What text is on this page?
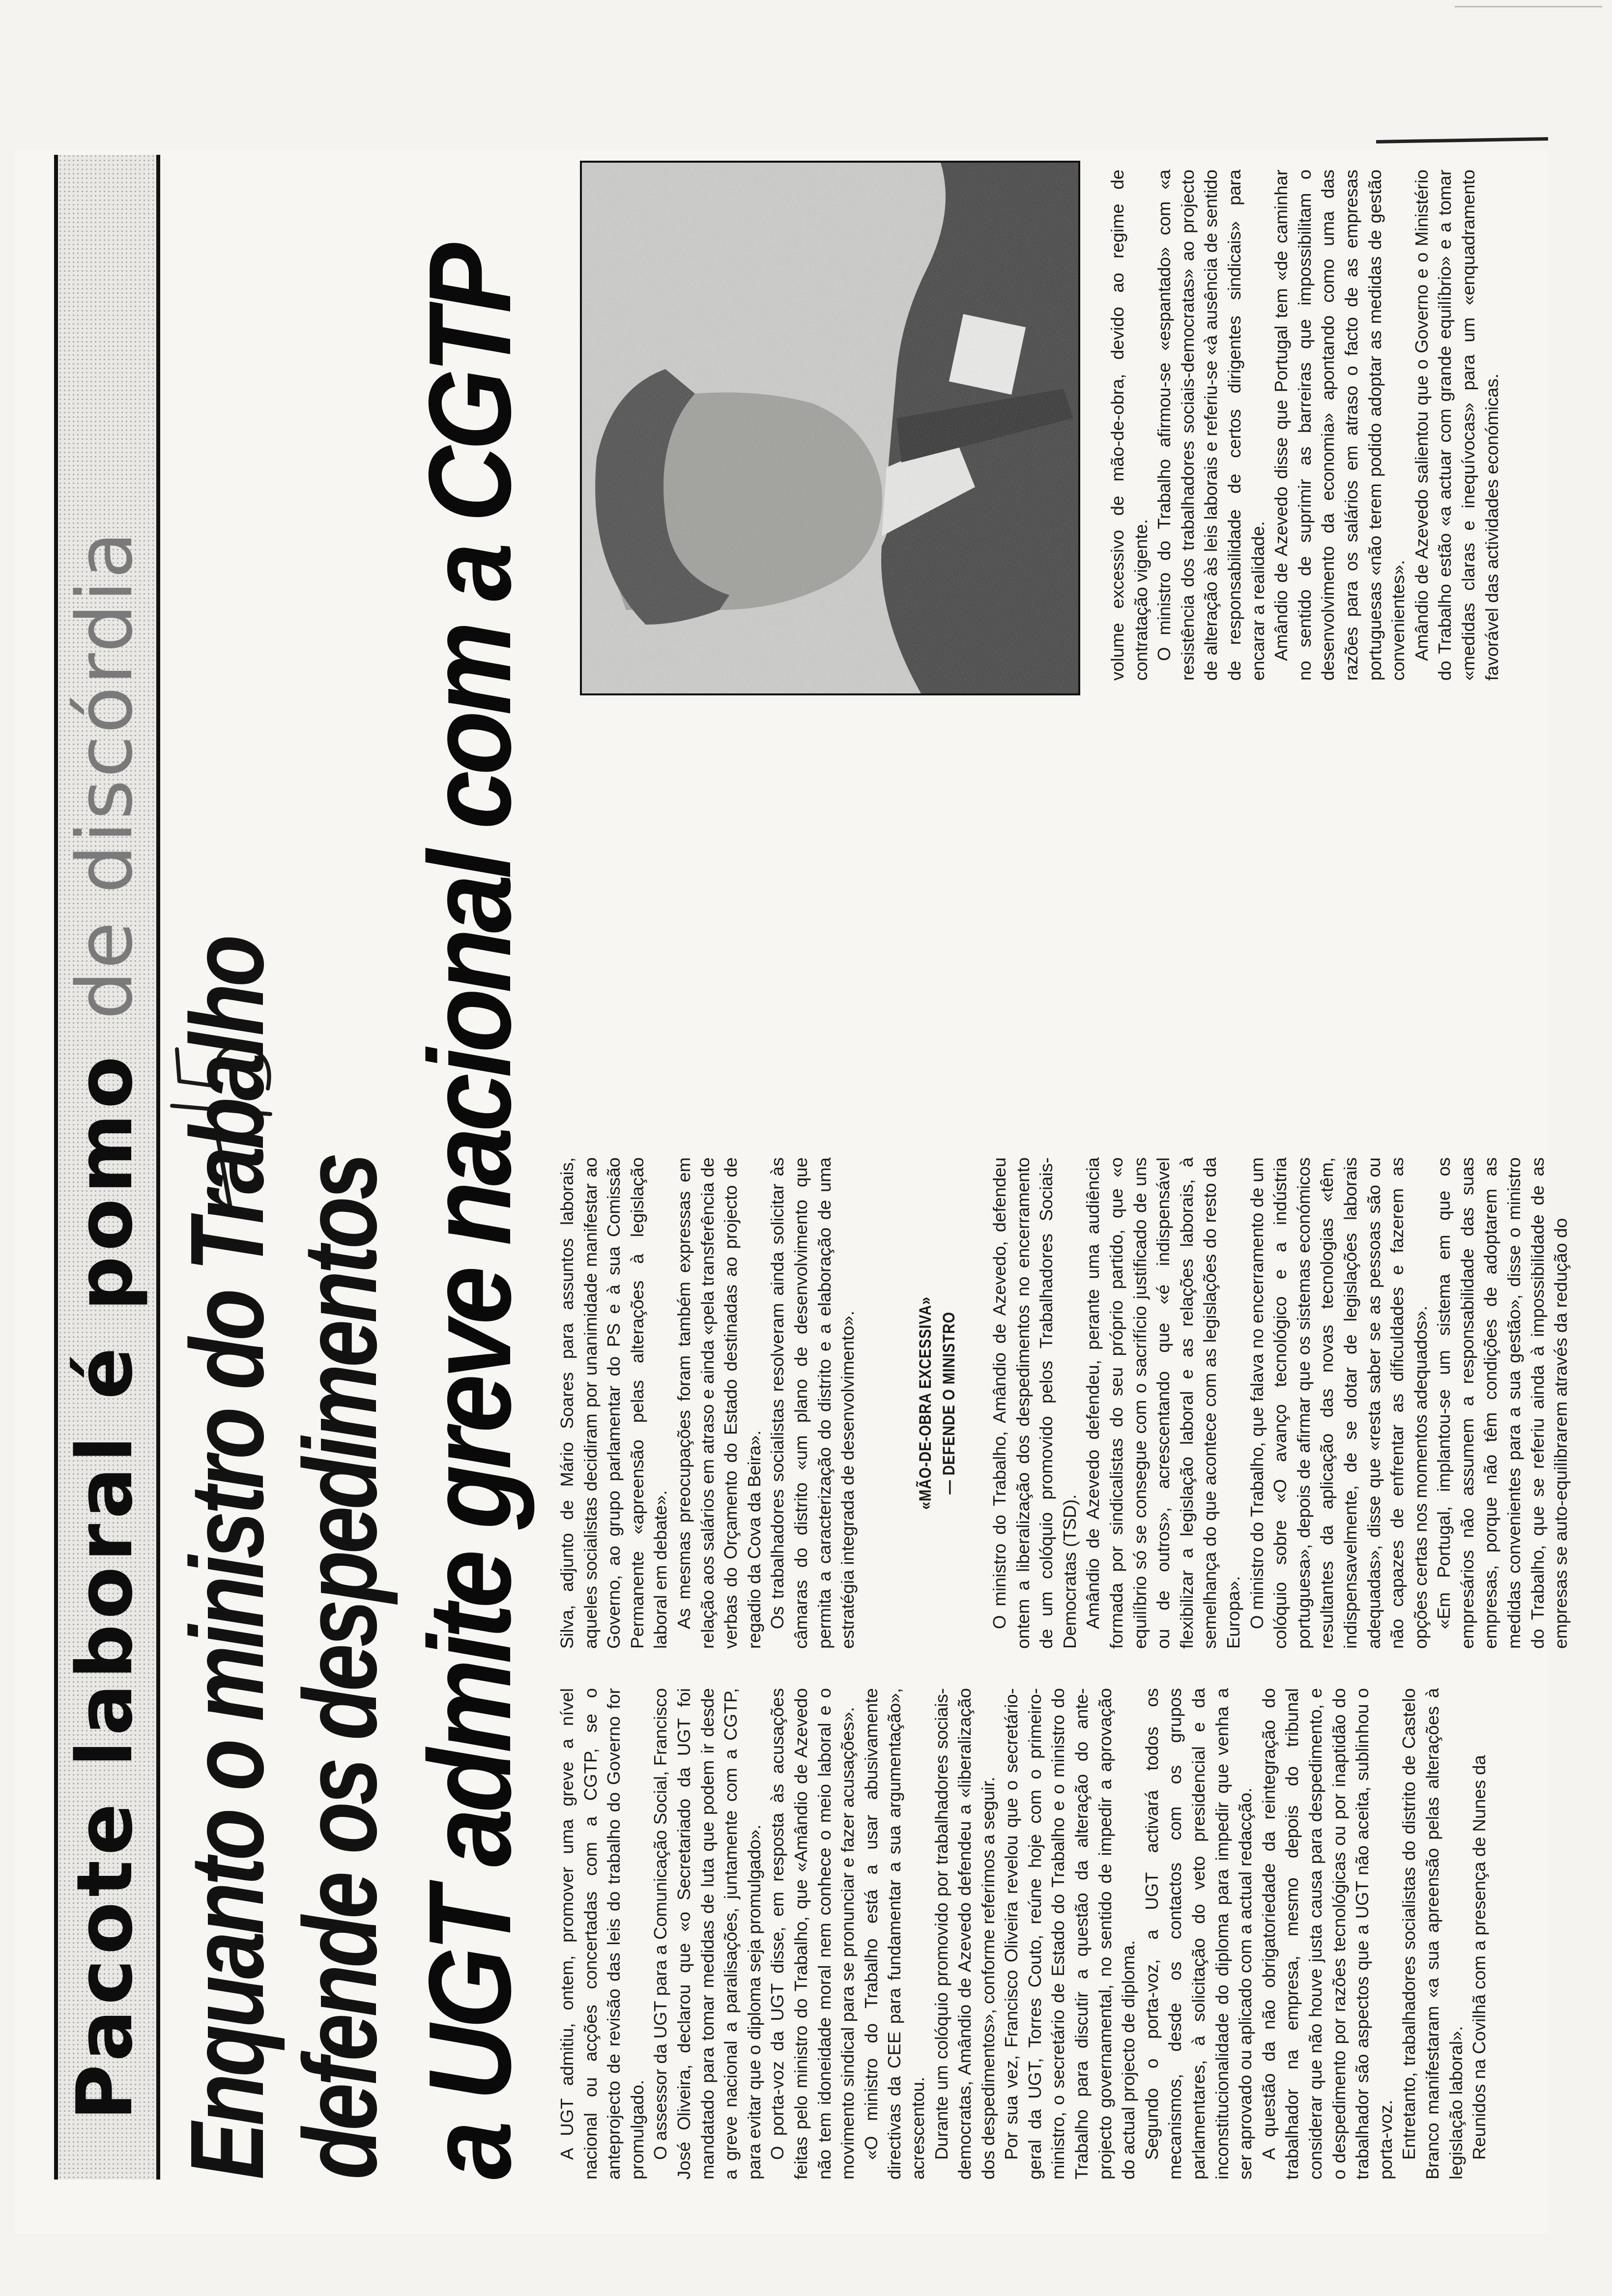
Pacote laboral é pomo de discórdia
Enquanto o ministro do Trabalho
defende os despedimentos a UGT admite greve nacional com a CGTP A UGT admitiu, ontem, promover uma greve a nível nacional ou acções concertadas com a CGTP, se o anteprojecto de revisão das leis do trabalho do Governo for promulgado. O assessor da UGT para a Comunicação Social, Francisco José Oliveira, declarou que «o Secretariado da UGT foi mandatado para tomar medidas de luta que podem ir desde a greve nacional a paralisações, juntamente com a CGTP, para evitar que o diploma seja promulgado». O porta-voz da UGT disse, em resposta às acusações feitas pelo ministro do Trabalho, que «Amândio de Azevedo não tem idoneidade moral nem conhece o meio laboral e o movimento sindical para se pronunciar e fazer acusações». «O ministro do Trabalho está a usar abusivamente directivas da CEE para fundamentar a sua argumentação», acrescentou. Durante um colóquio promovido por trabalhadores sociais-democratas, Amândio de Azevedo defendeu a «liberalização dos despedimentos», conforme referimos a seguir. Por sua vez, Francisco Oliveira revelou que o secretário-geral da UGT, Torres Couto, reúne hoje com o primeiro-ministro, o secretário de Estado do Trabalho e o ministro do Trabalho para discutir a questão da alteração do ante-projecto governamental, no sentido de impedir a aprovação do actual projecto de diploma. Segundo o porta-voz, a UGT activará todos os mecanismos, desde os contactos com os grupos parlamentares, à solicitação do veto presidencial e da inconstitucionalidade do diploma para impedir que venha a ser aprovado ou aplicado com a actual redacção. A questão da não obrigatoriedade da reintegração do trabalhador na empresa, mesmo depois do tribunal considerar que não houve justa causa para despedimento, e o despedimento por razões tecnológicas ou por inaptidão do trabalhador são aspectos que a UGT não aceita, sublinhou o porta-voz. Entretanto, trabalhadores socialistas do distrito de Castelo Branco manifestaram «a sua apreensão pelas alterações à legislação laboral». Reunidos na Covilhã com a presença de Nunes da

Silva, adjunto de Mário Soares para assuntos laborais, aqueles socialistas decidiram por unanimidade manifestar ao Governo, ao grupo parlamentar do PS e à sua Comissão Permanente «apreensão pelas alterações à legislação laboral em debate». As mesmas preocupações foram também expressas em relação aos salários em atraso e ainda «pela transferência de verbas do Orçamento do Estado destinadas ao projecto de regadio da Cova da Beira». Os trabalhadores socialistas resolveram ainda solicitar às câmaras do distrito «um plano de desenvolvimento que permita a caracterização do distrito e a elaboração de uma estratégia integrada de desenvolvimento».	«MÃO-DE-OBRA EXCESSIVA» — DEFENDE O MINISTRO O ministro do Trabalho, Amândio de Azevedo, defendeu ontem a liberalização dos despedimentos no encerramento de um colóquio promovido pelos Trabalhadores Sociais-Democratas (TSD). Amândio de Azevedo defendeu, perante uma audiência formada por sindicalistas do seu próprio partido, que «o equilíbrio só se consegue com o sacrifício justificado de uns ou de outros», acrescentando que «é indispensável flexibilizar a legislação laboral e as relações laborais, à semelhança do que acontece com as legislações do resto da Europa». O ministro do Trabalho, que falava no encerramento de um colóquio sobre «O avanço tecnológico e a indústria portuguesa», depois de afirmar que os sistemas económicos resultantes da aplicação das novas tecnologias «têm, indispensavelmente, de se dotar de legislações laborais adequadas», disse que «resta saber se as pessoas são ou não capazes de enfrentar as dificuldades e fazerem as opções certas nos momentos adequados». «Em Portugal, implantou-se um sistema em que os empresários não assumem a responsabilidade das suas empresas, porque não têm condições de adoptarem as medidas convenientes para a sua gestão», disse o ministro do Trabalho, que se referiu ainda à impossibilidade de as empresas se auto-equilibrarem através da redução do

volume excessivo de mão-de-obra, devido ao regime de contratação vigente. O ministro do Trabalho afirmou-se «espantado» com «a resistência dos trabalhadores sociais-democratas» ao projecto de alteração às leis laborais e referiu-se «à ausência de sentido de responsabilidade de certos dirigentes sindicais» para encarar a realidade. Amândio de Azevedo disse que Portugal tem «de caminhar no sentido de suprimir as barreiras que impossibilitam o desenvolvimento da economia» apontando como uma das razões para os salários em atraso o facto de as empresas portuguesas «não terem podido adoptar as medidas de gestão convenientes». Amândio de Azevedo salientou que o Governo e o Ministério do Trabalho estão «a actuar com grande equilíbrio» e a tomar «medidas claras e inequívocas» para um «enquadramento favorável das actividades económicas.
